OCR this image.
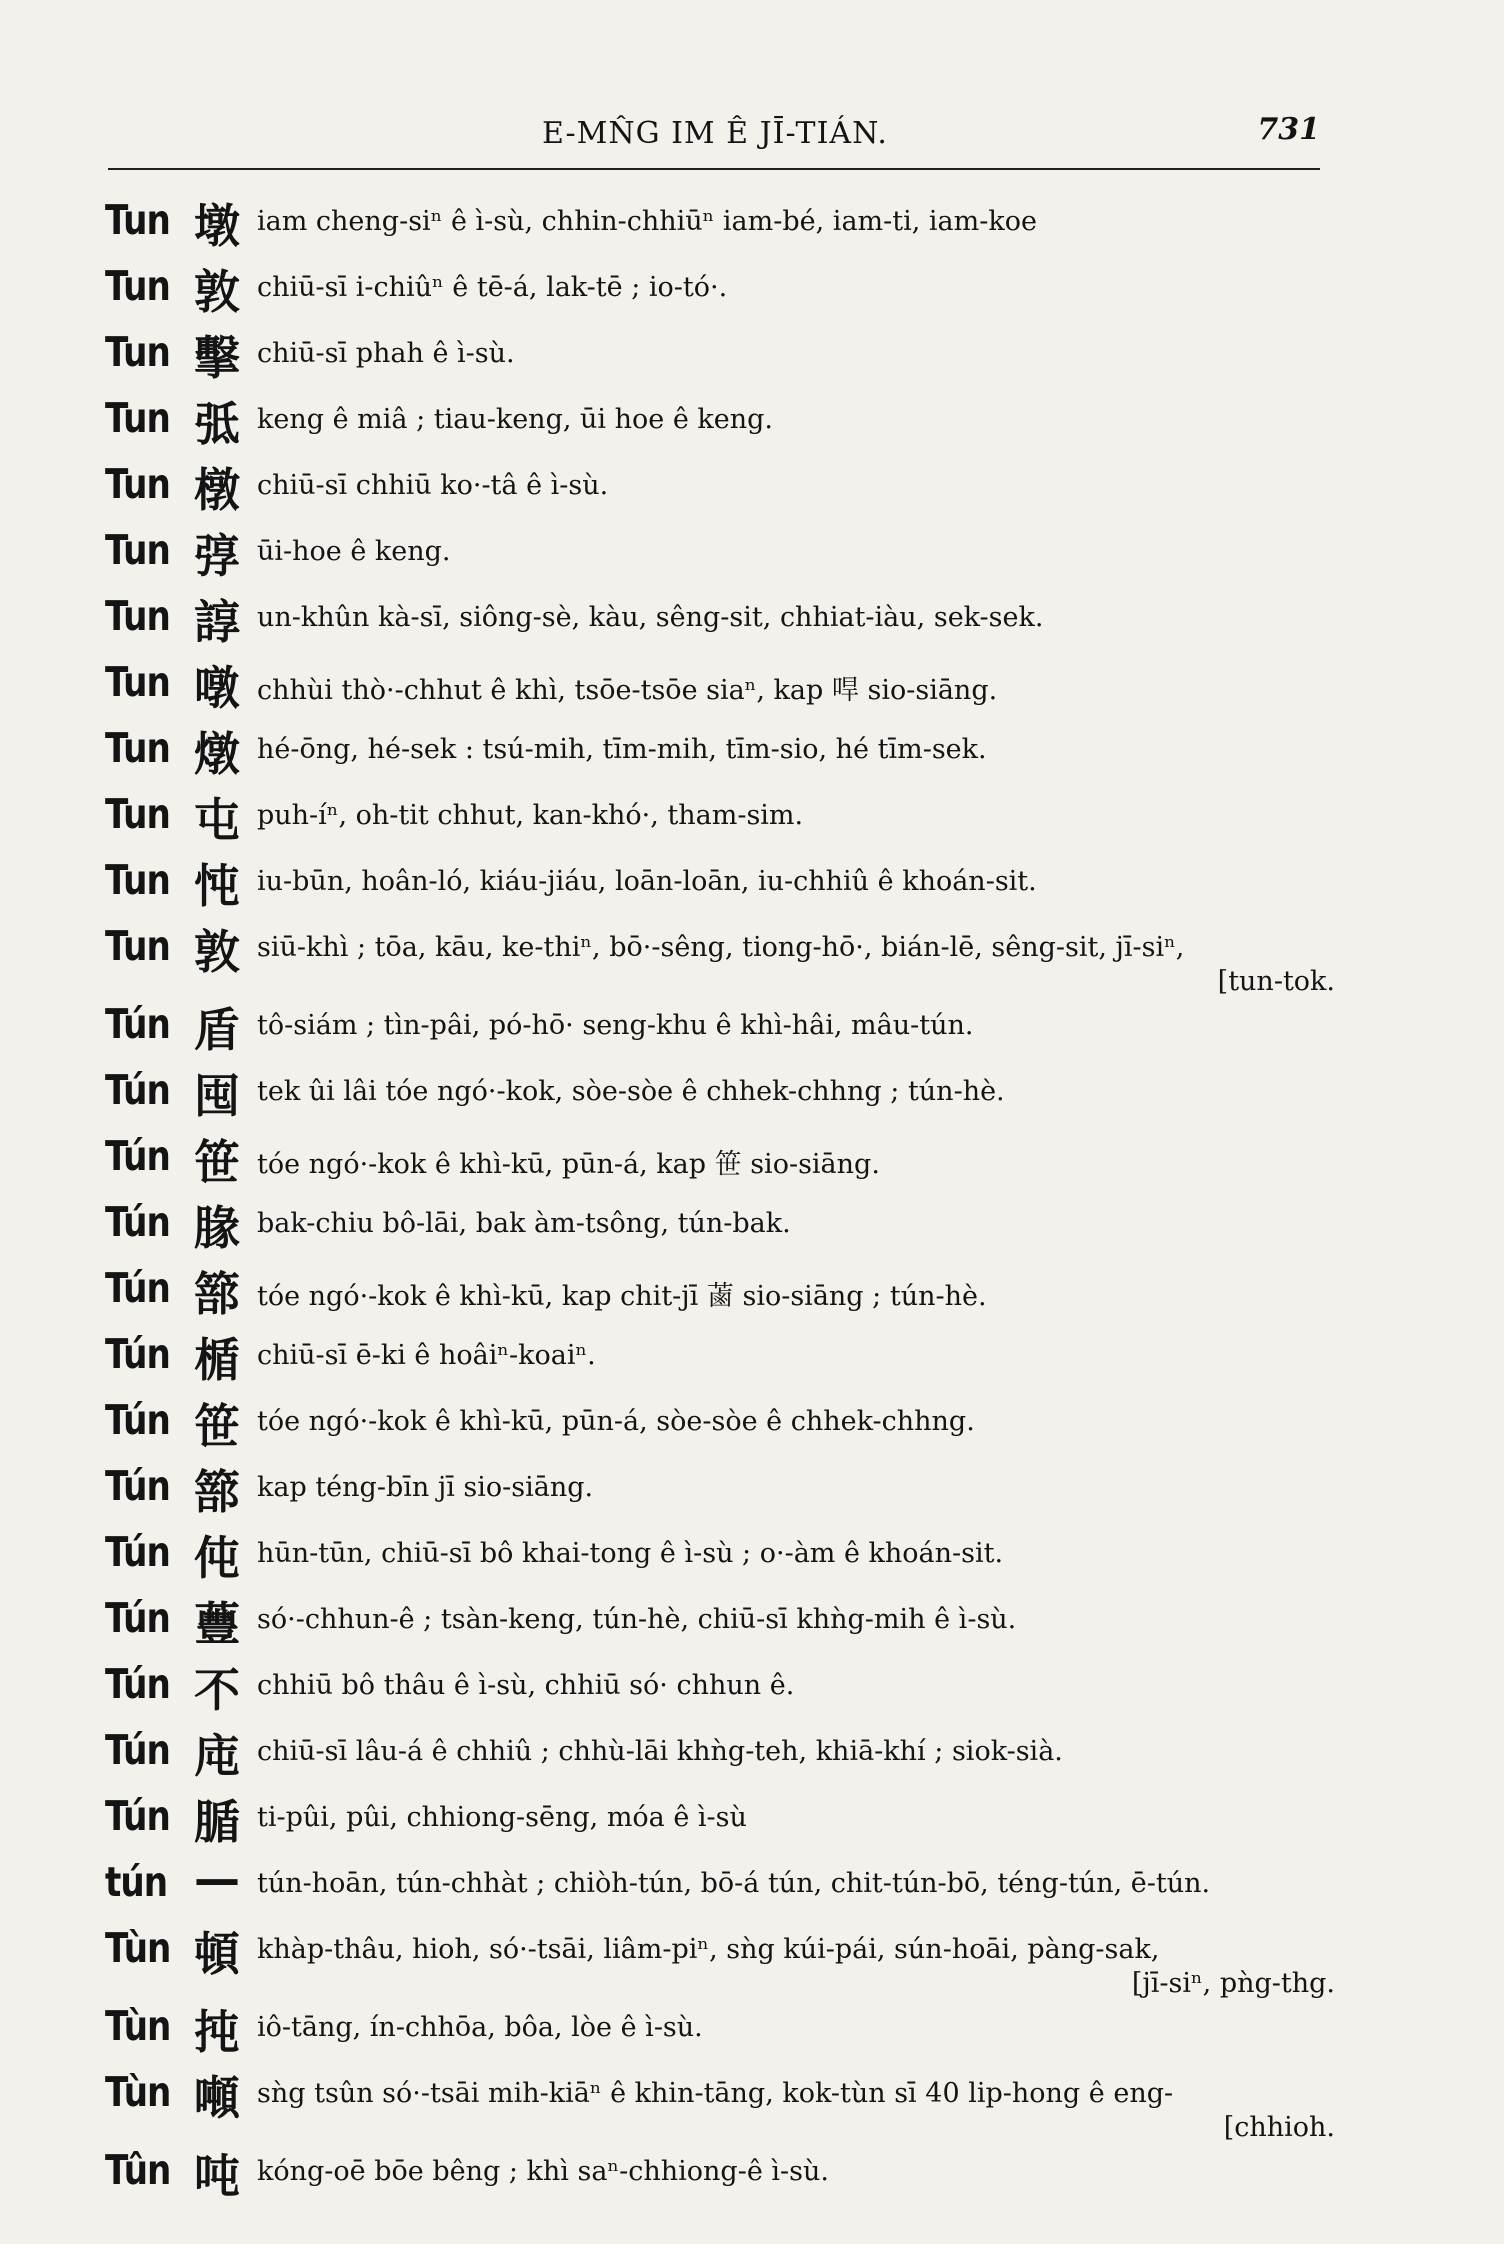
E-MN̂G IM Ê JĪ-TIÁN.	731
Tun 墩 iam cheng-siⁿ ê ì-sù, chhin-chhiūⁿ iam-bé, iam-ti, iam-koe
Tun 敦 chiū-sī i-chiûⁿ ê tē-á, lak-tē ; io-tó·.
Tun 擊 chiū-sī phah ê ì-sù.
Tun 弤 keng ê miâ ; tiau-keng, ūi hoe ê keng.
Tun 橔 chiū-sī chhiū ko·-tâ ê ì-sù.
Tun 弴 ūi-hoe ê keng.
Tun 諄 un-khûn kà-sī, siông-sè, kàu, sêng-sit, chhiat-iàu, sek-sek.
Tun 噋 chhùi thò·-chhut ê khì, tsōe-tsōe siaⁿ, kap 哻 sio-siāng.
Tun 燉 hé-ōng, hé-sek : tsú-mih, tīm-mih, tīm-sio, hé tīm-sek.
Tun 屯 puh-íⁿ, oh-tit chhut, kan-khó·, tham-sim.
Tun 忳 iu-būn, hoân-ló, kiáu-jiáu, loān-loān, iu-chhiû ê khoán-sit.
Tun 敦 siū-khì ; tōa, kāu, ke-thiⁿ, bō·-sêng, tiong-hō·, bián-lē, sêng-sit, jī-siⁿ,
[tun-tok.
Tún 盾 tô-siám ; tìn-pâi, pó-hō· seng-khu ê khì-hâi, mâu-tún.
Tún 囤 tek ûi lâi tóe ngó·-kok, sòe-sòe ê chhek-chhng ; tún-hè.
Tún 笹 tóe ngó·-kok ê khì-kū, pūn-á, kap 笹 sio-siāng.
Tún 腞 bak-chiu bô-lāi, bak àm-tsông, tún-bak.
Tún 篰 tóe ngó·-kok ê khì-kū, kap chit-jī 蓾 sio-siāng ; tún-hè.
Tún 楯 chiū-sī ē-ki ê hoâiⁿ-koaiⁿ.
Tún 笹 tóe ngó·-kok ê khì-kū, pūn-á, sòe-sòe ê chhek-chhng.
Tún 篰 kap téng-bīn jī sio-siāng.
Tún 伅 hūn-tūn, chiū-sī bô khai-tong ê ì-sù ; o·-àm ê khoán-sit.
Tún 蘴 só·-chhun-ê ; tsàn-keng, tún-hè, chiū-sī khǹg-mih ê ì-sù.
Tún 不 chhiū bô thâu ê ì-sù, chhiū só· chhun ê.
Tún 庉 chiū-sī lâu-á ê chhiû ; chhù-lāi khǹg-teh, khiā-khí ; siok-sià.
Tún 腯 ti-pûi, pûi, chhiong-sēng, móa ê ì-sù
tún — tún-hoān, tún-chhàt ; chiòh-tún, bō-á tún, chit-tún-bō, téng-tún, ē-tún.
Tùn 頓 khàp-thâu, hioh, só·-tsāi, liâm-piⁿ, sǹg kúi-pái, sún-hoāi, pàng-sak,
[jī-siⁿ, pǹg-thg.
Tùn 扽 iô-tāng, ín-chhōa, bôa, lòe ê ì-sù.
Tùn 噸 sǹg tsûn só·-tsāi mih-kiāⁿ ê khin-tāng, kok-tùn sī 40 lip-hong ê eng-
[chhioh.
Tûn 吨 kóng-oē bōe bêng ; khì saⁿ-chhiong-ê ì-sù.
